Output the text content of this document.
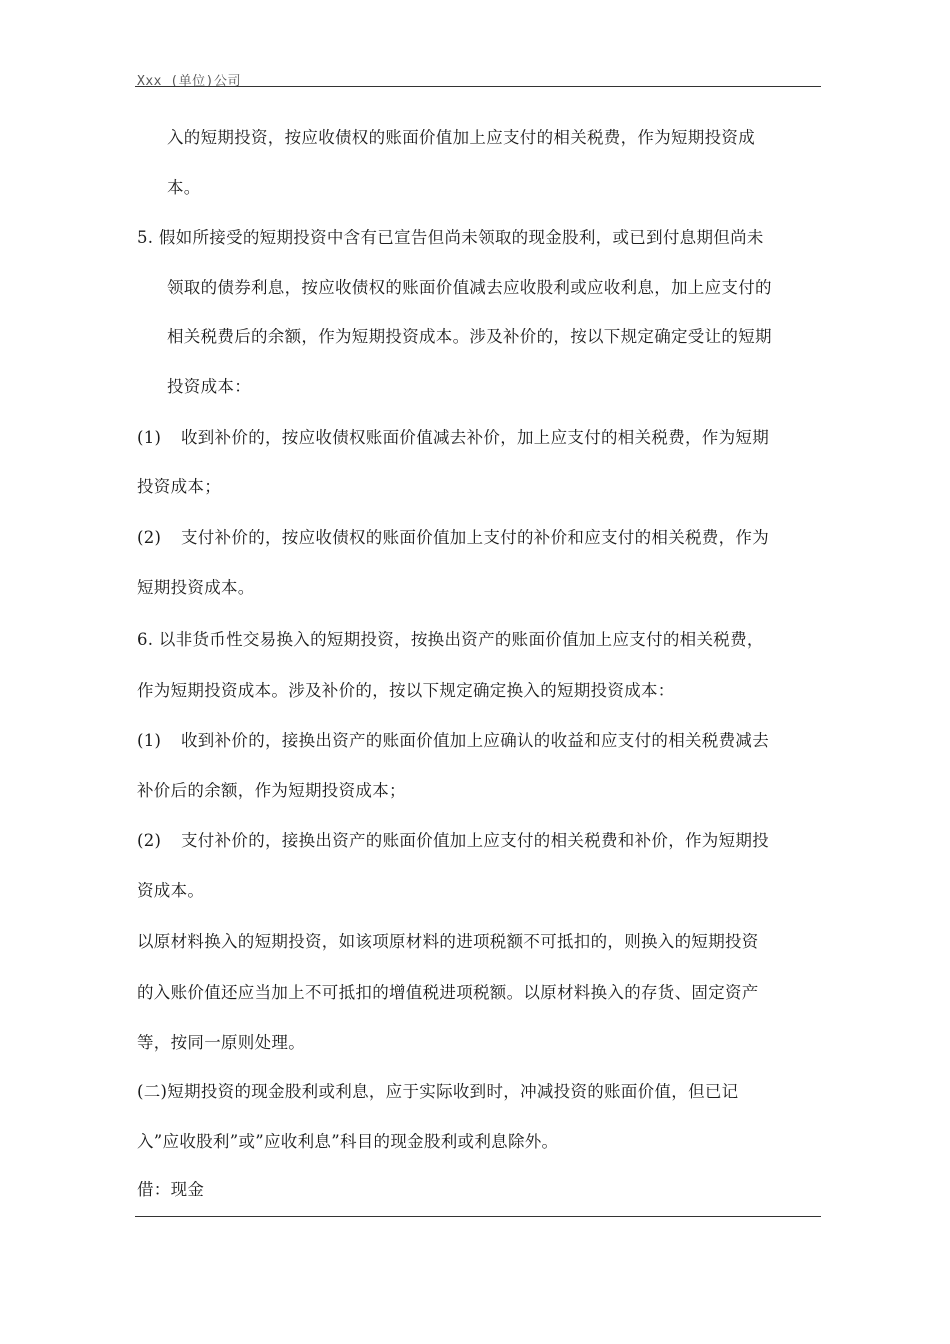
Xxx (单位)公司
入的短期投资，按应收债权的账面价值加上应支付的相关税费，作为短期投资成
本。
5. 假如所接受的短期投资中含有已宣告但尚未领取的现金股利，或已到付息期但尚未
领取的债券利息，按应收债权的账面价值减去应收股利或应收利息，加上应支付的
相关税费后的余额，作为短期投资成本。涉及补价的，按以下规定确定受让的短期
投资成本：
(1) 收到补价的，按应收债权账面价值减去补价，加上应支付的相关税费，作为短期
投资成本；
(2) 支付补价的，按应收债权的账面价值加上支付的补价和应支付的相关税费，作为
短期投资成本。
6. 以非货币性交易换入的短期投资，按换出资产的账面价值加上应支付的相关税费，
作为短期投资成本。涉及补价的，按以下规定确定换入的短期投资成本：
(1) 收到补价的，接换出资产的账面价值加上应确认的收益和应支付的相关税费减去
补价后的余额，作为短期投资成本；
(2) 支付补价的，接换出资产的账面价值加上应支付的相关税费和补价，作为短期投
资成本。
以原材料换入的短期投资，如该项原材料的进项税额不可抵扣的，则换入的短期投资
的入账价值还应当加上不可抵扣的增值税进项税额。以原材料换入的存货、固定资产
等，按同一原则处理。
(二)短期投资的现金股利或利息，应于实际收到时，冲减投资的账面价值，但已记
入”应收股利”或”应收利息”科目的现金股利或利息除外。
借：现金
